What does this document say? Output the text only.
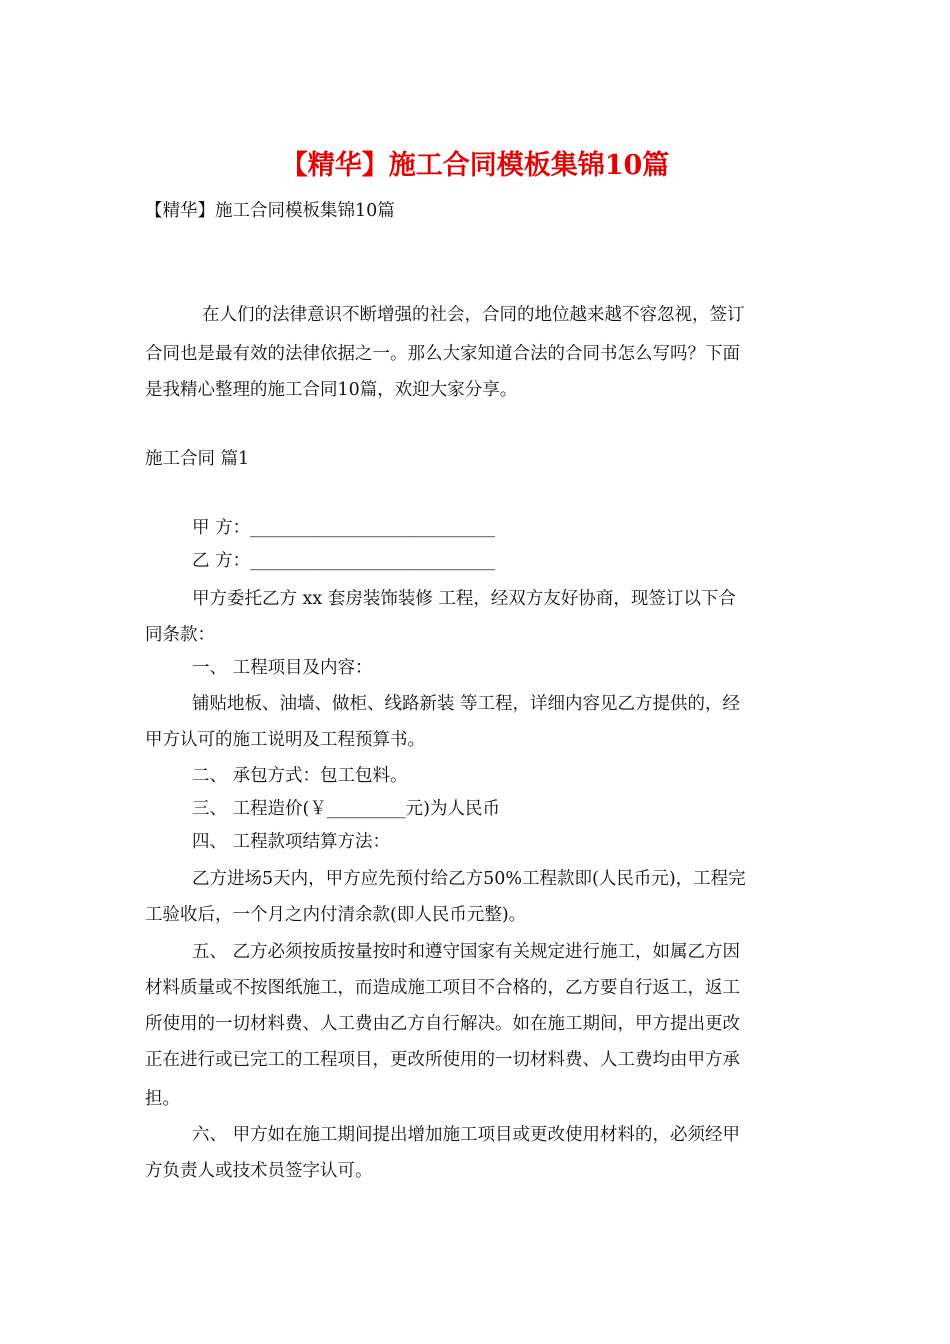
【精华】施工合同模板集锦10篇
【精华】施工合同模板集锦10篇
在人们的法律意识不断增强的社会，合同的地位越来越不容忽视，签订
合同也是最有效的法律依据之一。那么大家知道合法的合同书怎么写吗？下面
是我精心整理的施工合同10篇，欢迎大家分享。
施工合同 篇1
甲 方：____________________________
乙 方：____________________________
甲方委托乙方 xx 套房装饰装修 工程，经双方友好协商，现签订以下合
同条款：
一、 工程项目及内容：
铺贴地板、油墙、做柜、线路新装 等工程，详细内容见乙方提供的，经
甲方认可的施工说明及工程预算书。
二、 承包方式：包工包料。
三、 工程造价(￥_________元)为人民币
四、 工程款项结算方法：
乙方进场5天内，甲方应先预付给乙方50%工程款即(人民币元)，工程完
工验收后，一个月之内付清余款(即人民币元整)。
五、 乙方必须按质按量按时和遵守国家有关规定进行施工，如属乙方因
材料质量或不按图纸施工，而造成施工项目不合格的，乙方要自行返工，返工
所使用的一切材料费、人工费由乙方自行解决。如在施工期间，甲方提出更改
正在进行或已完工的工程项目，更改所使用的一切材料费、人工费均由甲方承
担。
六、 甲方如在施工期间提出增加施工项目或更改使用材料的，必须经甲
方负责人或技术员签字认可。
